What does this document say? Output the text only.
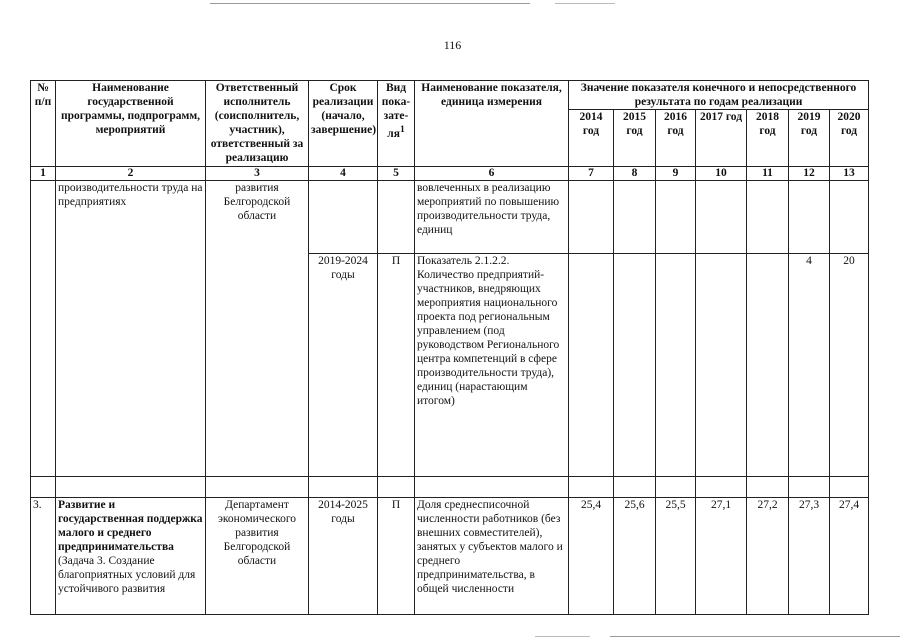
116
№ п/п	Наименование государственной программы, подпрограмм, мероприятий	Ответственный исполнитель (соисполнитель, участник), ответственный за реализацию	Срок реализации (начало, завершение)	Вид пока-$зате-ля^1$	Наименование показателя, единица измерения	Значение показателя конечного и непосредственного результата по годам реализации						
						2014 год	2015 год	2016 год	2017 год	2018 год	2019 год	2020 год
1	2	3	4	5	6	7	8	9	10	11	12	13
	производительности труда на предприятиях	развития Белгородской области			вовлеченных в реализацию мероприятий по повышению производительности труда, единиц							
			2019-2024 годы	П	Показатель 2.1.2.2. Количество предприятий-участников, внедряющих мероприятия национального проекта под региональным управлением (под руководством Регионального центра компетенций в сфере производительности труда), единиц (нарастающим итогом)						4	20

3.	Развитие и государственная поддержка малого и среднего предпринимательства (Задача 3. Создание благоприятных условий для устойчивого развития	Департамент экономического развития Белгородской области	2014-2025 годы	П	Доля среднесписочной численности работников (без внешних совместителей), занятых у субъектов малого и среднего предпринимательства, в общей численности	25,4	25,6	25,5	27,1	27,2	27,3	27,4
